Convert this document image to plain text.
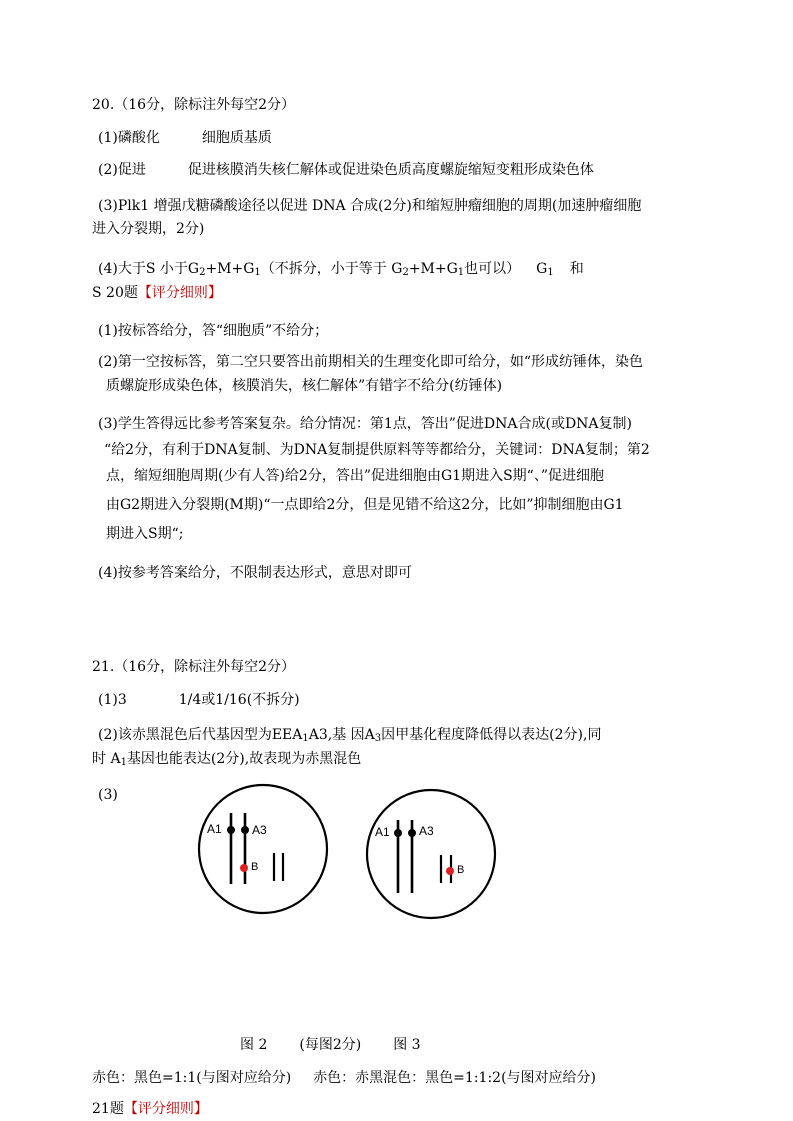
20.（16分，除标注外每空2分）
(1)磷酸化	细胞质基质
(2)促进	促进核膜消失核仁解体或促进染色质高度螺旋缩短变粗形成染色体
(3)Plk1 增强戊糖磷酸途径以促进 DNA 合成(2分)和缩短肿瘤细胞的周期(加速肿瘤细胞
进入分裂期，2分)
(4)大于S 小于$G_2+M+G_1$（不拆分，小于等于 $G_2+M+G_1$也可以） $G_1$ 和
S 20题【评分细则】
(1)按标答给分，答“细胞质”不给分；
(2)第一空按标答，第二空只要答出前期相关的生理变化即可给分，如“形成纺锤体，染色
质螺旋形成染色体，核膜消失，核仁解体”有错字不给分(纺锤体)
(3)学生答得远比参考答案复杂。给分情况：第1点，答出”促进DNA合成(或DNA复制)
“给2分，有利于DNA复制、为DNA复制提供原料等等都给分，关键词：DNA复制；第2
点，缩短细胞周期(少有人答)给2分，答出”促进细胞由G1期进入S期“、”促进细胞
由G2期进入分裂期(M期)“一点即给2分，但是见错不给这2分，比如”抑制细胞由G1
期进入S期“;
(4)按参考答案给分，不限制表达形式，意思对即可
21.（16分，除标注外每空2分）
(1)3	1/4或1/16(不拆分)
(2)该赤黑混色后代基因型为$EEA_1A3$,基 因$A_3$因甲基化程度降低得以表达(2分),同
时 $A_1$基因也能表达(2分),故表现为赤黑混色
(3)
A1	A3
B
A1 A3
B
图 2 (每图2分) 图 3
赤色：黑色=1:1(与图对应给分) 赤色：赤黑混色：黑色=1:1:2(与图对应给分)
21题【评分细则】
